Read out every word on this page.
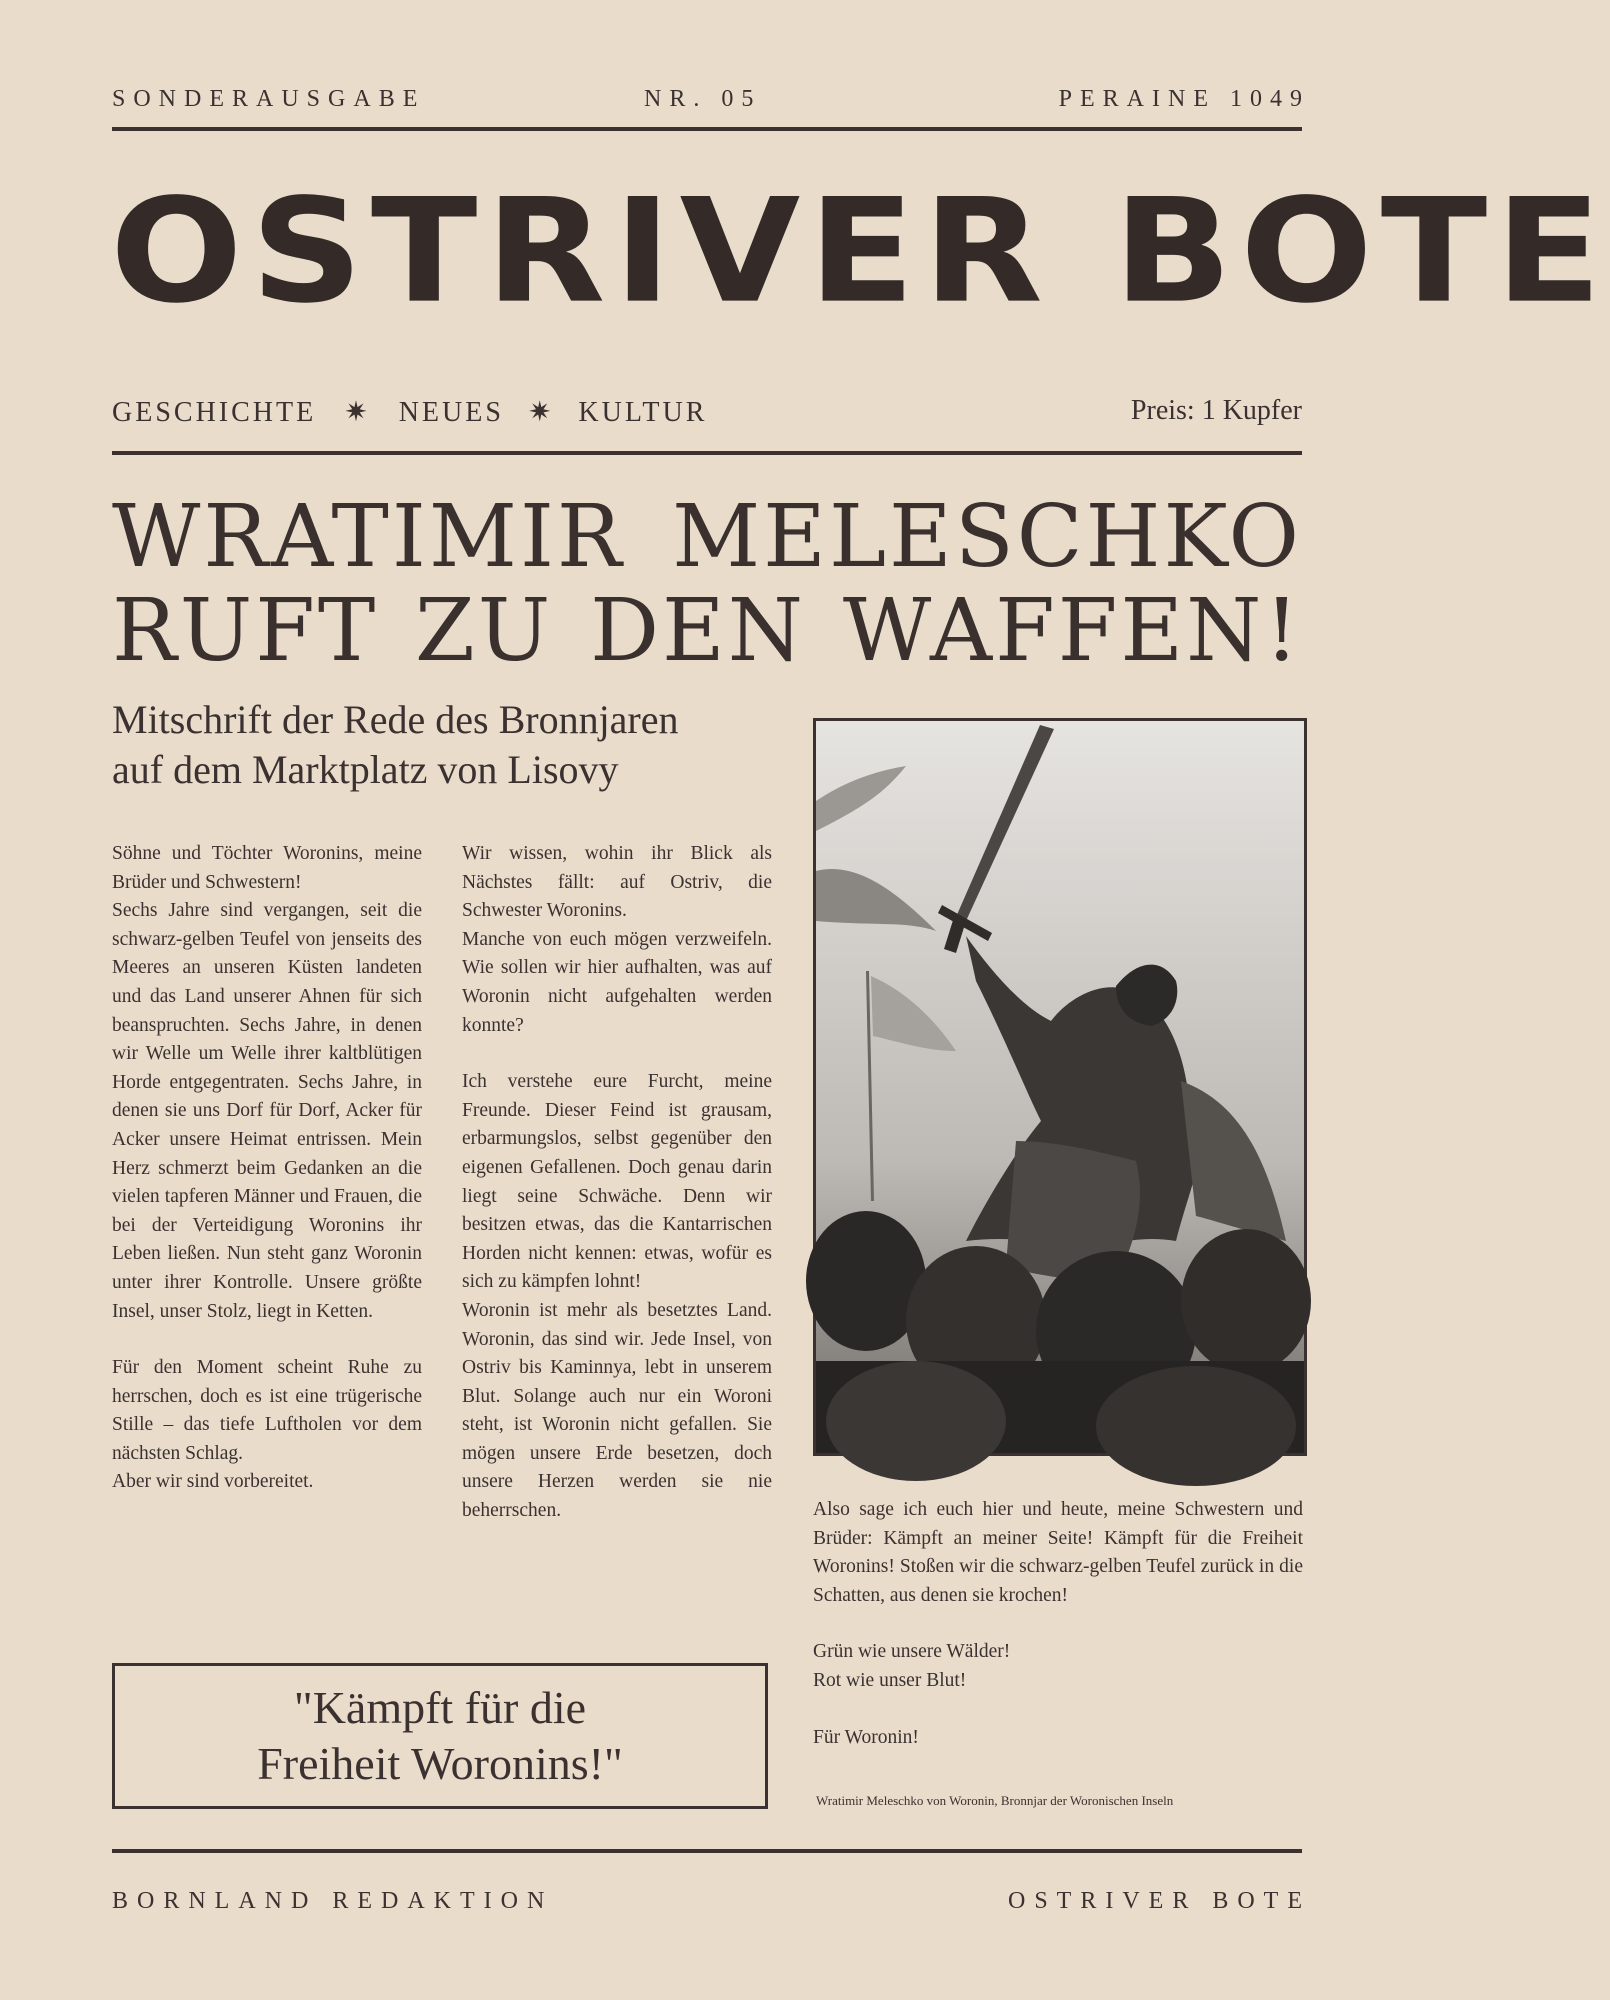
SONDERAUSGABE	NR. 05	PERAINE 1049
OSTRIVER BOTE
GESCHICHTE ✷ NEUES ✷ KULTUR	Preis: 1 Kupfer
WRATIMIR MELESCHKO
RUFT ZU DEN WAFFEN!
Mitschrift der Rede des Bronnjaren
auf dem Marktplatz von Lisovy

Söhne und Töchter Woronins, meine Brüder und Schwestern!

Sechs Jahre sind vergangen, seit die schwarz-gelben Teufel von jenseits des Meeres an unseren Küsten landeten und das Land unserer Ahnen für sich beanspruchten. Sechs Jahre, in denen wir Welle um Welle ihrer kaltblütigen Horde entgegentraten. Sechs Jahre, in denen sie uns Dorf für Dorf, Acker für Acker unsere Heimat entrissen. Mein Herz schmerzt beim Gedanken an die vielen tapferen Männer und Frauen, die bei der Verteidigung Woronins ihr Leben ließen. Nun steht ganz Woronin unter ihrer Kontrolle. Unsere größte Insel, unser Stolz, liegt in Ketten.

Für den Moment scheint Ruhe zu herrschen, doch es ist eine trügerische Stille – das tiefe Luftholen vor dem nächsten Schlag.

Aber wir sind vorbereitet.

Wir wissen, wohin ihr Blick als Nächstes fällt: auf Ostriv, die Schwester Woronins.

Manche von euch mögen verzweifeln. Wie sollen wir hier aufhalten, was auf Woronin nicht aufgehalten werden konnte?

Ich verstehe eure Furcht, meine Freunde. Dieser Feind ist grausam, erbarmungslos, selbst gegenüber den eigenen Gefallenen. Doch genau darin liegt seine Schwäche. Denn wir besitzen etwas, das die Kantarrischen Horden nicht kennen: etwas, wofür es sich zu kämpfen lohnt!

Woronin ist mehr als besetztes Land. Woronin, das sind wir. Jede Insel, von Ostriv bis Kaminnya, lebt in unserem Blut. Solange auch nur ein Woroni steht, ist Woronin nicht gefallen. Sie mögen unsere Erde besetzen, doch unsere Herzen werden sie nie beherrschen.	Also sage ich euch hier und heute, meine Schwestern und Brüder: Kämpft an meiner Seite! Kämpft für die Freiheit Woronins! Stoßen wir die schwarz-gelben Teufel zurück in die Schatten, aus denen sie krochen!

Grün wie unsere Wälder!

Rot wie unser Blut!

Für Woronin!

Wratimir Meleschko von Woronin, Bronnjar der Woronischen Inseln
"Kämpft für die
Freiheit Woronins!"
BORNLAND REDAKTION	OSTRIVER BOTE
